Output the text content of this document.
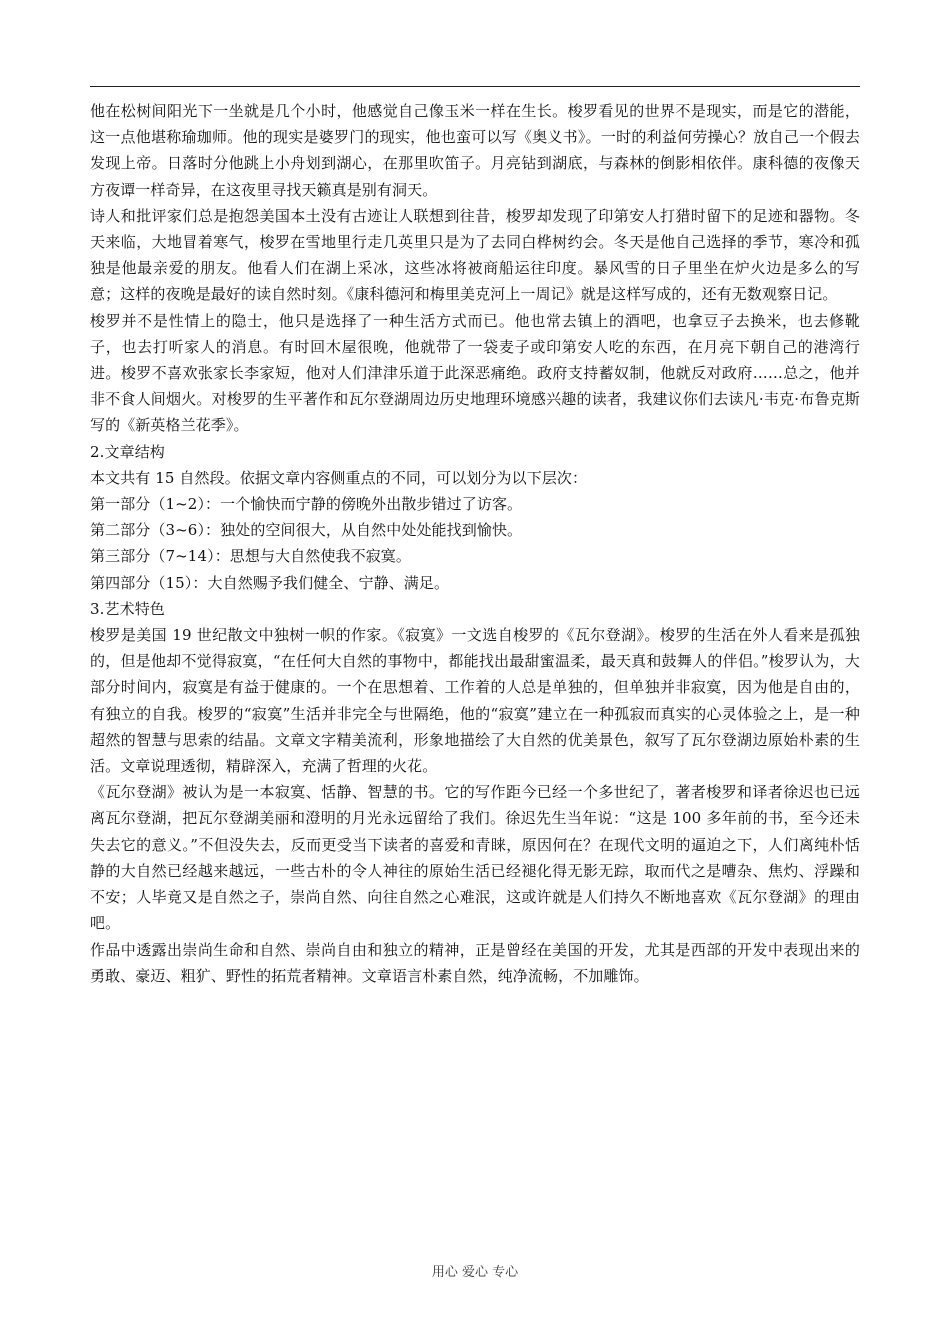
他在松树间阳光下一坐就是几个小时，他感觉自己像玉米一样在生长。梭罗看见的世界不是现实，而是它的潜能，这一点他堪称瑜珈师。他的现实是婆罗门的现实，他也蛮可以写《奥义书》。一时的利益何劳操心？放自己一个假去发现上帝。日落时分他跳上小舟划到湖心，在那里吹笛子。月亮钻到湖底，与森林的倒影相依伴。康科德的夜像天方夜谭一样奇异，在这夜里寻找天籁真是别有洞天。

诗人和批评家们总是抱怨美国本土没有古迹让人联想到往昔，梭罗却发现了印第安人打猎时留下的足迹和器物。冬天来临，大地冒着寒气，梭罗在雪地里行走几英里只是为了去同白桦树约会。冬天是他自己选择的季节，寒冷和孤独是他最亲爱的朋友。他看人们在湖上采冰，这些冰将被商船运往印度。暴风雪的日子里坐在炉火边是多么的写意；这样的夜晚是最好的读自然时刻。《康科德河和梅里美克河上一周记》就是这样写成的，还有无数观察日记。

梭罗并不是性情上的隐士，他只是选择了一种生活方式而已。他也常去镇上的酒吧，也拿豆子去换米，也去修靴子，也去打听家人的消息。有时回木屋很晚，他就带了一袋麦子或印第安人吃的东西，在月亮下朝自己的港湾行进。梭罗不喜欢张家长李家短，他对人们津津乐道于此深恶痛绝。政府支持蓄奴制，他就反对政府……总之，他并非不食人间烟火。对梭罗的生平著作和瓦尔登湖周边历史地理环境感兴趣的读者，我建议你们去读凡·韦克·布鲁克斯写的《新英格兰花季》。

2.文章结构

本文共有 15 自然段。依据文章内容侧重点的不同，可以划分为以下层次：

第一部分（1~2）：一个愉快而宁静的傍晚外出散步错过了访客。

第二部分（3~6）：独处的空间很大，从自然中处处能找到愉快。

第三部分（7~14）：思想与大自然使我不寂寞。

第四部分（15）：大自然赐予我们健全、宁静、满足。

3.艺术特色

梭罗是美国 19 世纪散文中独树一帜的作家。《寂寞》一文选自梭罗的《瓦尔登湖》。梭罗的生活在外人看来是孤独的，但是他却不觉得寂寞，“在任何大自然的事物中，都能找出最甜蜜温柔，最天真和鼓舞人的伴侣。”梭罗认为，大部分时间内，寂寞是有益于健康的。一个在思想着、工作着的人总是单独的，但单独并非寂寞，因为他是自由的，有独立的自我。梭罗的“寂寞”生活并非完全与世隔绝，他的“寂寞”建立在一种孤寂而真实的心灵体验之上，是一种超然的智慧与思索的结晶。文章文字精美流利，形象地描绘了大自然的优美景色，叙写了瓦尔登湖边原始朴素的生活。文章说理透彻，精辟深入，充满了哲理的火花。

《瓦尔登湖》被认为是一本寂寞、恬静、智慧的书。它的写作距今已经一个多世纪了，著者梭罗和译者徐迟也已远离瓦尔登湖，把瓦尔登湖美丽和澄明的月光永远留给了我们。徐迟先生当年说：“这是 100 多年前的书，至今还未失去它的意义。”不但没失去，反而更受当下读者的喜爱和青睐，原因何在？在现代文明的逼迫之下，人们离纯朴恬静的大自然已经越来越远，一些古朴的令人神往的原始生活已经褪化得无影无踪，取而代之是嘈杂、焦灼、浮躁和不安；人毕竟又是自然之子，崇尚自然、向往自然之心难泯，这或许就是人们持久不断地喜欢《瓦尔登湖》的理由吧。

作品中透露出崇尚生命和自然、崇尚自由和独立的精神，正是曾经在美国的开发，尤其是西部的开发中表现出来的勇敢、豪迈、粗犷、野性的拓荒者精神。文章语言朴素自然，纯净流畅，不加雕饰。

用心 爱心 专心
